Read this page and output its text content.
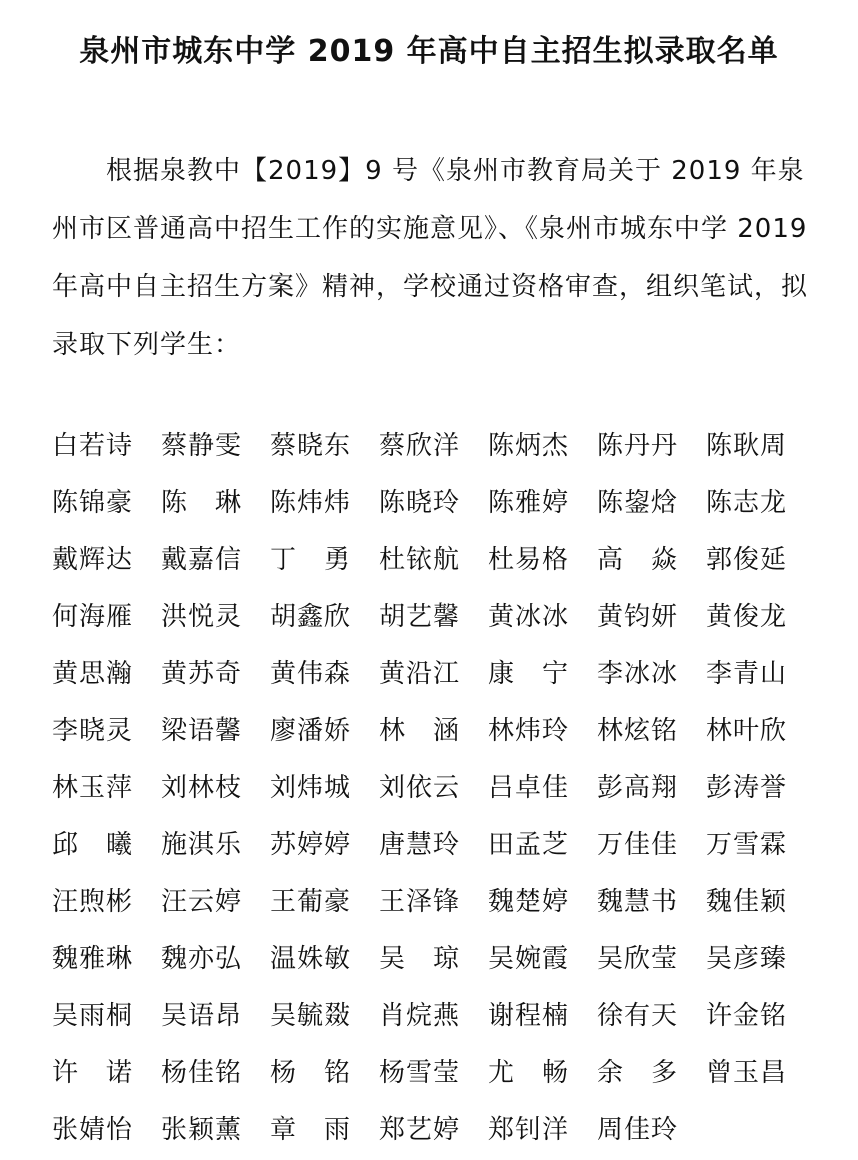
泉州市城东中学 2019 年高中自主招生拟录取名单

根据泉教中【2019】9 号《泉州市教育局关于 2019 年泉州市区普通高中招生工作的实施意见》、《泉州市城东中学 2019 年高中自主招生方案》精神，学校通过资格审查，组织笔试，拟录取下列学生：

白若诗	蔡静雯	蔡晓东	蔡欣洋	陈炳杰	陈丹丹	陈耿周
陈锦豪	陈琳 陈炜炜	陈晓玲	陈雅婷	陈鋆焓	陈志龙
戴辉达	戴嘉信	丁勇 杜铱航	杜易格	高焱 郭俊延
何海雁	洪悦灵	胡鑫欣	胡艺馨	黄冰冰	黄钧妍	黄俊龙
黄思瀚	黄苏奇	黄伟森	黄沿江	康宁 李冰冰	李青山
李晓灵	梁语馨	廖潘娇	林涵 林炜玲	林炫铭	林叶欣
林玉萍	刘林枝	刘炜城	刘依云	吕卓佳	彭高翔	彭涛誉
邱曦 施淇乐	苏婷婷	唐慧玲	田孟芝	万佳佳	万雪霖
汪煦彬	汪云婷	王葡豪	王泽锋	魏楚婷	魏慧书	魏佳颖
魏雅琳	魏亦弘	温姝敏	吴琼 吴婉霞	吴欣莹	吴彦臻
吴雨桐	吴语昂	吴毓敠	肖烷燕	谢程楠	徐有天	许金铭
许诺 杨佳铭	杨铭 杨雪莹	尤畅 余多 曾玉昌
张婧怡	张颖薰	章雨 郑艺婷	郑钊洋	周佳玲
